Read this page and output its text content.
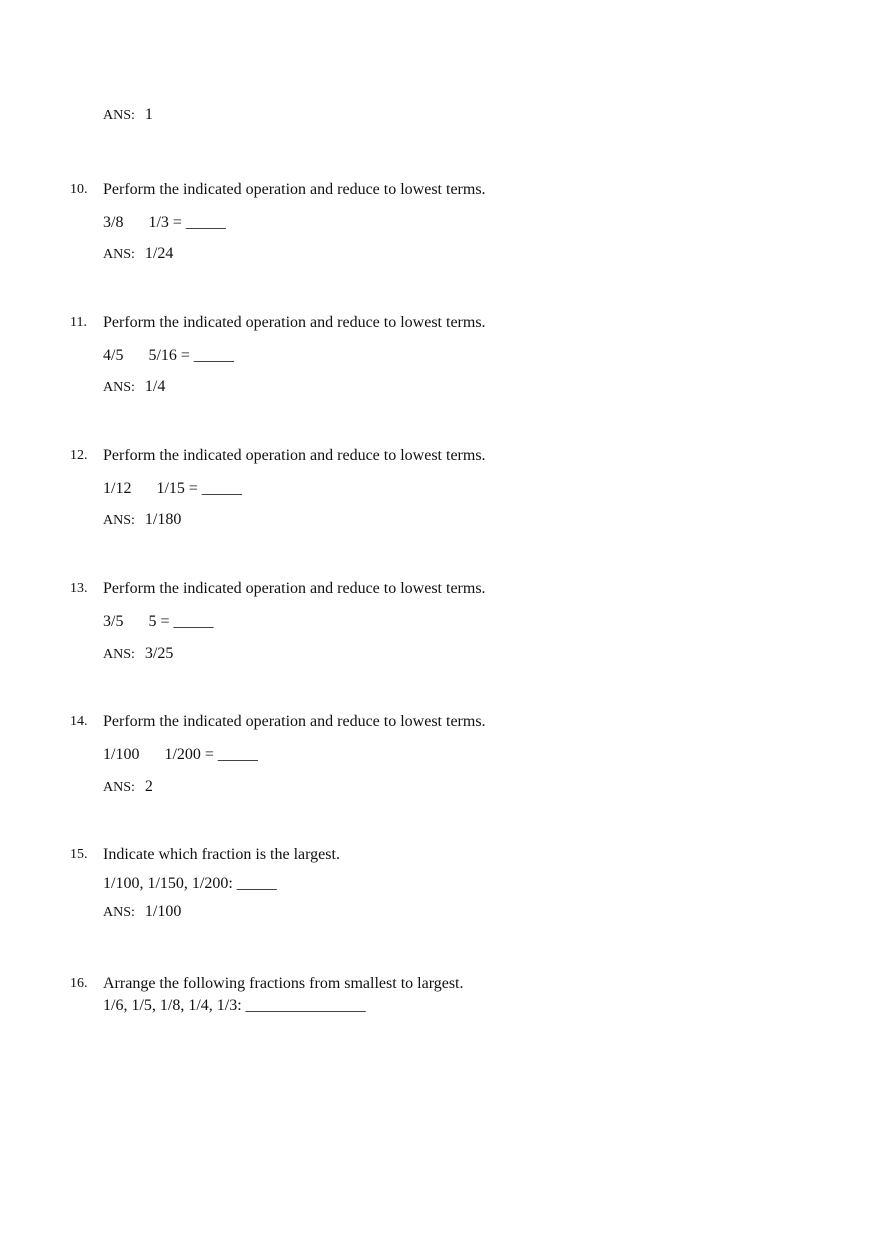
ANS: 1
10. Perform the indicated operation and reduce to lowest terms.
3/8 1/3 = _____
ANS: 1/24
11. Perform the indicated operation and reduce to lowest terms.
4/5 5/16 = _____
ANS: 1/4
12. Perform the indicated operation and reduce to lowest terms.
1/12 1/15 = _____
ANS: 1/180
13. Perform the indicated operation and reduce to lowest terms.
3/5 5 = _____
ANS: 3/25
14. Perform the indicated operation and reduce to lowest terms.
1/100 1/200 = _____
ANS: 2
15. Indicate which fraction is the largest.
1/100, 1/150, 1/200: _____
ANS: 1/100
16. Arrange the following fractions from smallest to largest.
1/6, 1/5, 1/8, 1/4, 1/3: _______________
